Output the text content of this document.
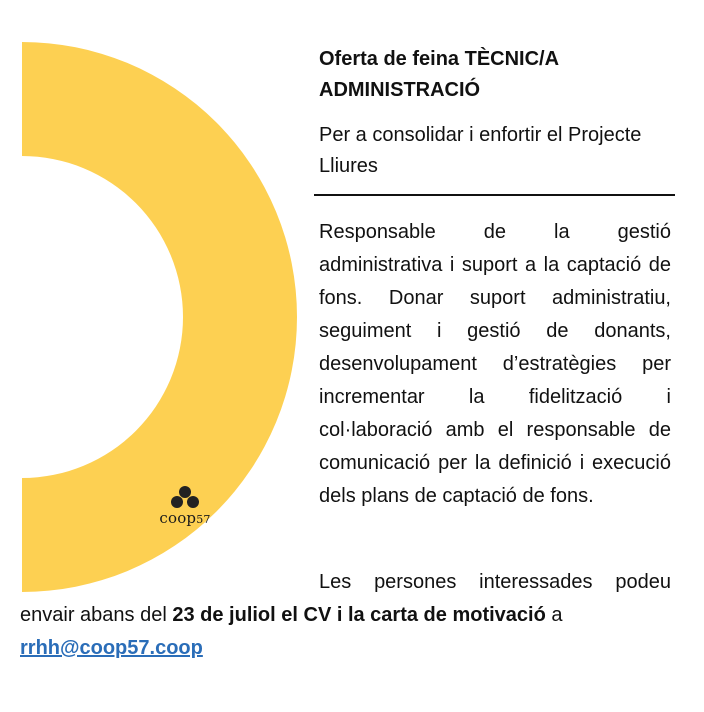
coop57

Oferta de feina TÈCNIC/A ADMINISTRACIÓ

Per a consolidar i enfortir el Projecte Lliures

Responsable de la gestió administrativa i suport a la captació de fons. Donar suport administratiu, seguiment i gestió de donants, desenvolupament d’estratègies per incrementar la fidelització i col·laboració amb el responsable de comunicació per la definició i execució dels plans de captació de fons.

Les persones interessades podeu envair abans del 23 de juliol el CV i la carta de motivació a
rrhh@coop57.coop
